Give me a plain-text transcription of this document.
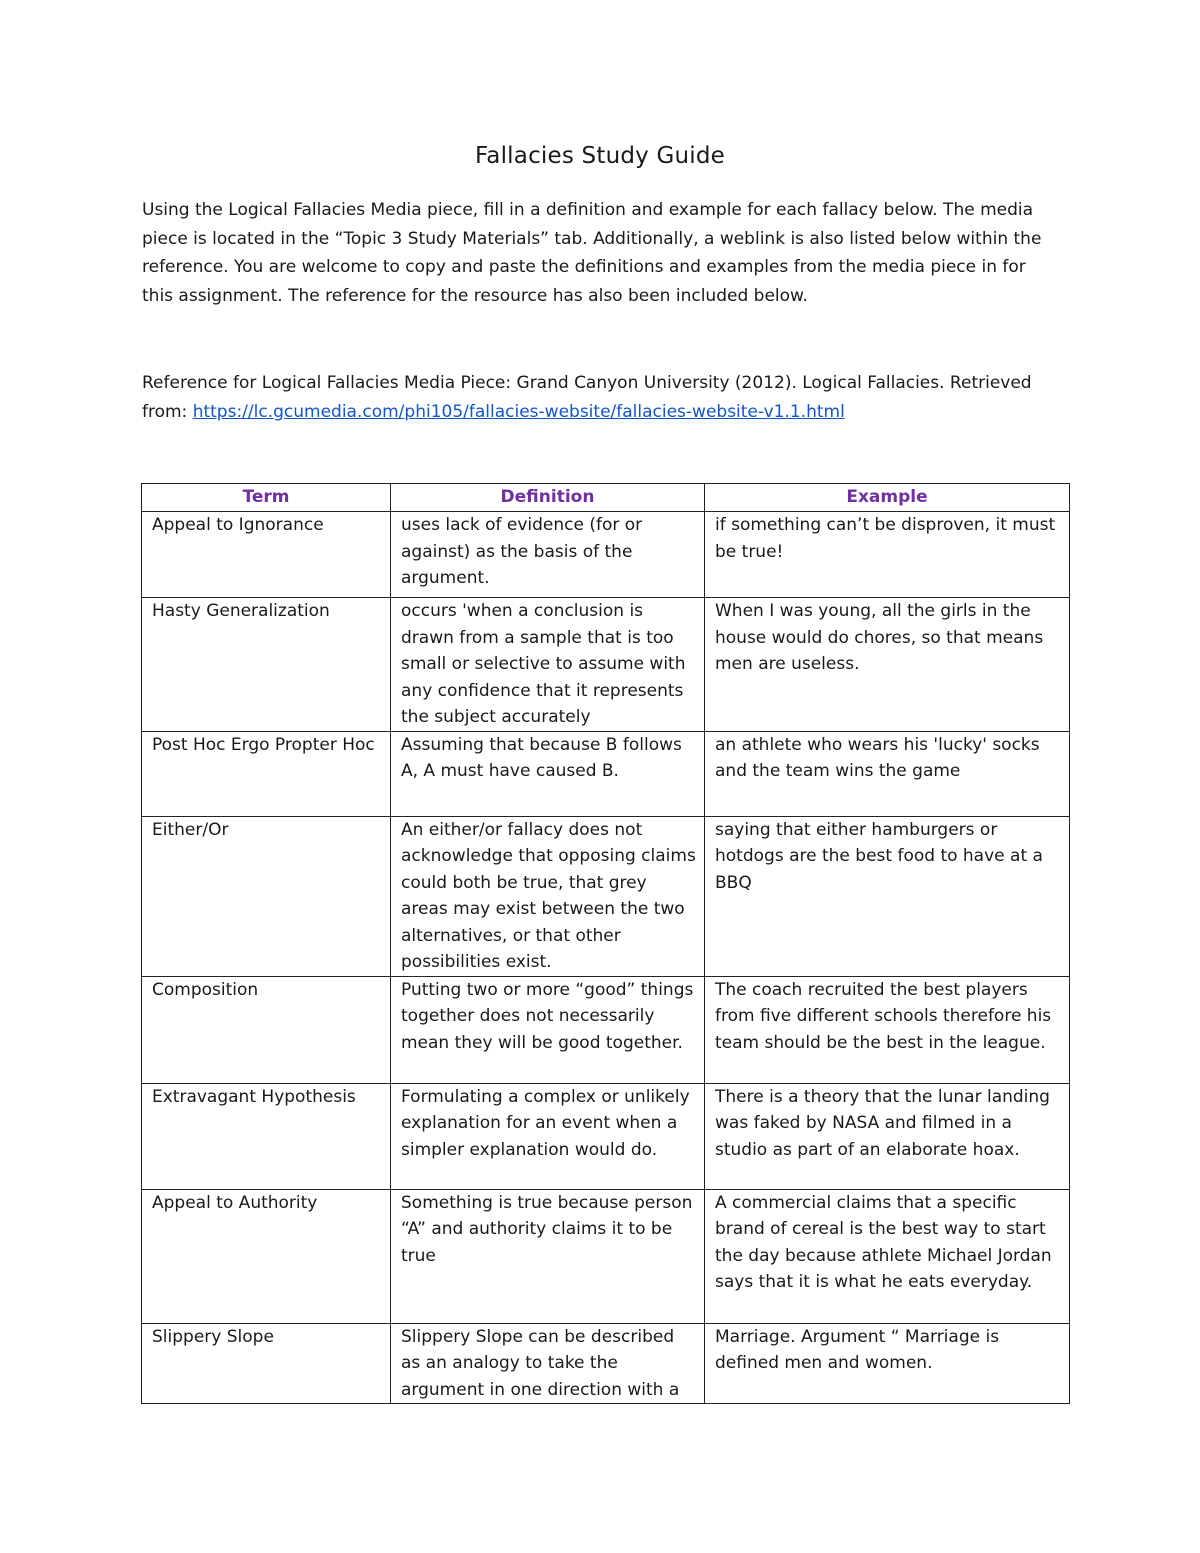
Fallacies Study Guide

Using the Logical Fallacies Media piece, fill in a definition and example for each fallacy below. The media piece is located in the “Topic 3 Study Materials” tab. Additionally, a weblink is also listed below within the reference. You are welcome to copy and paste the definitions and examples from the media piece in for this assignment. The reference for the resource has also been included below.

Reference for Logical Fallacies Media Piece: Grand Canyon University (2012). Logical Fallacies. Retrieved from: https://lc.gcumedia.com/phi105/fallacies-website/fallacies-website-v1.1.html

Term	Definition	Example
Appeal to Ignorance	uses lack of evidence (for or against) as the basis of the argument.	if something can’t be disproven, it must be true!
Hasty Generalization	occurs 'when a conclusion is drawn from a sample that is too small or selective to assume with any confidence that it represents the subject accurately	When I was young, all the girls in the house would do chores, so that means men are useless.
Post Hoc Ergo Propter Hoc	Assuming that because B follows A, A must have caused B.	an athlete who wears his 'lucky' socks and the team wins the game
Either/Or	An either/or fallacy does not acknowledge that opposing claims could both be true, that grey areas may exist between the two alternatives, or that other possibilities exist.	saying that either hamburgers or hotdogs are the best food to have at a BBQ
Composition	Putting two or more “good” things together does not necessarily mean they will be good together.	The coach recruited the best players from five different schools therefore his team should be the best in the league.
Extravagant Hypothesis	Formulating a complex or unlikely explanation for an event when a simpler explanation would do.	There is a theory that the lunar landing was faked by NASA and filmed in a studio as part of an elaborate hoax.
Appeal to Authority	Something is true because person “A” and authority claims it to be true	A commercial claims that a specific brand of cereal is the best way to start the day because athlete Michael Jordan says that it is what he eats everyday.
Slippery Slope	Slippery Slope can be described as an analogy to take the argument in one direction with a	Marriage. Argument “ Marriage is defined men and women.
